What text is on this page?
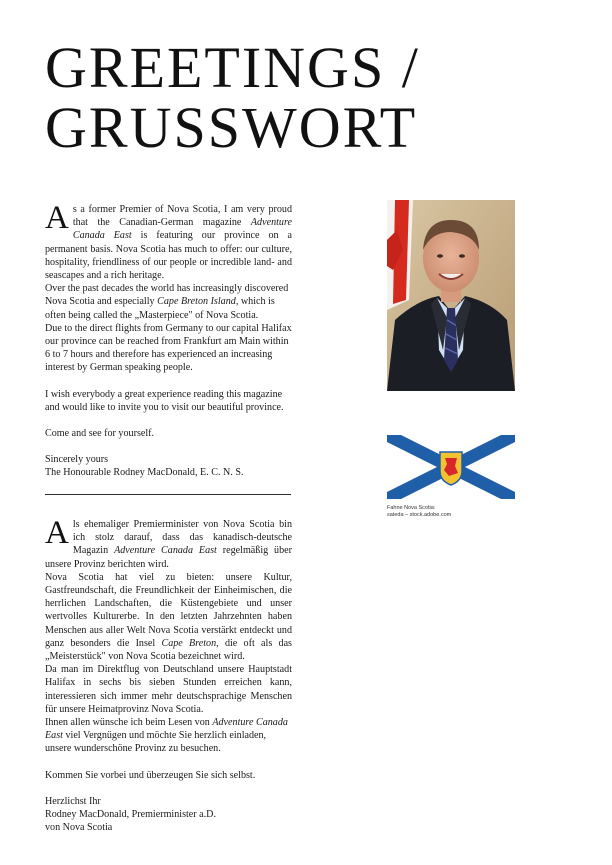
GREETINGS /
GRUSSWORT

As a former Premier of Nova Scotia, I am very proud that the Canadian-German magazine Adventure Canada East is featuring our province on a permanent basis. Nova Scotia has much to offer: our culture, hospitality, friendliness of our people or incredible land- and seascapes and a rich heritage.

Over the past decades the world has increasingly discovered Nova Scotia and especially Cape Breton Island, which is often being called the „Masterpiece" of Nova Scotia.

Due to the direct flights from Germany to our capital Halifax our province can be reached from Frankfurt am Main within 6 to 7 hours and therefore has experienced an increasing interest by German speaking people.

I wish everybody a great experience reading this magazine and would like to invite you to visit our beautiful province.

Come and see for yourself.

Sincerely yours

The Honourable Rodney MacDonald, E. C. N. S.

Als ehemaliger Premierminister von Nova Scotia bin ich stolz darauf, dass das kanadisch-deutsche Magazin Adventure Canada East regelmäßig über unsere Provinz berichten wird.

Nova Scotia hat viel zu bieten: unsere Kultur, Gastfreundschaft, die Freundlichkeit der Einheimischen, die herrlichen Landschaften, die Küstengebiete und unser wertvolles Kulturerbe. In den letzten Jahrzehnten haben Menschen aus aller Welt Nova Scotia verstärkt entdeckt und ganz besonders die Insel Cape Breton, die oft als das „Meisterstück" von Nova Scotia bezeichnet wird.

Da man im Direktflug von Deutschland unsere Hauptstadt Halifax in sechs bis sieben Stunden erreichen kann, interessieren sich immer mehr deutschsprachige Menschen für unsere Heimatprovinz Nova Scotia.

Ihnen allen wünsche ich beim Lesen von Adventure Canada East viel Vergnügen und möchte Sie herzlich einladen, unsere wunderschöne Provinz zu besuchen.

Kommen Sie vorbei und überzeugen Sie sich selbst.

Herzlichst Ihr

Rodney MacDonald, Premierminister a.D.

von Nova Scotia

Fahne Nova Scotia:
sateda – stock.adobe.com
